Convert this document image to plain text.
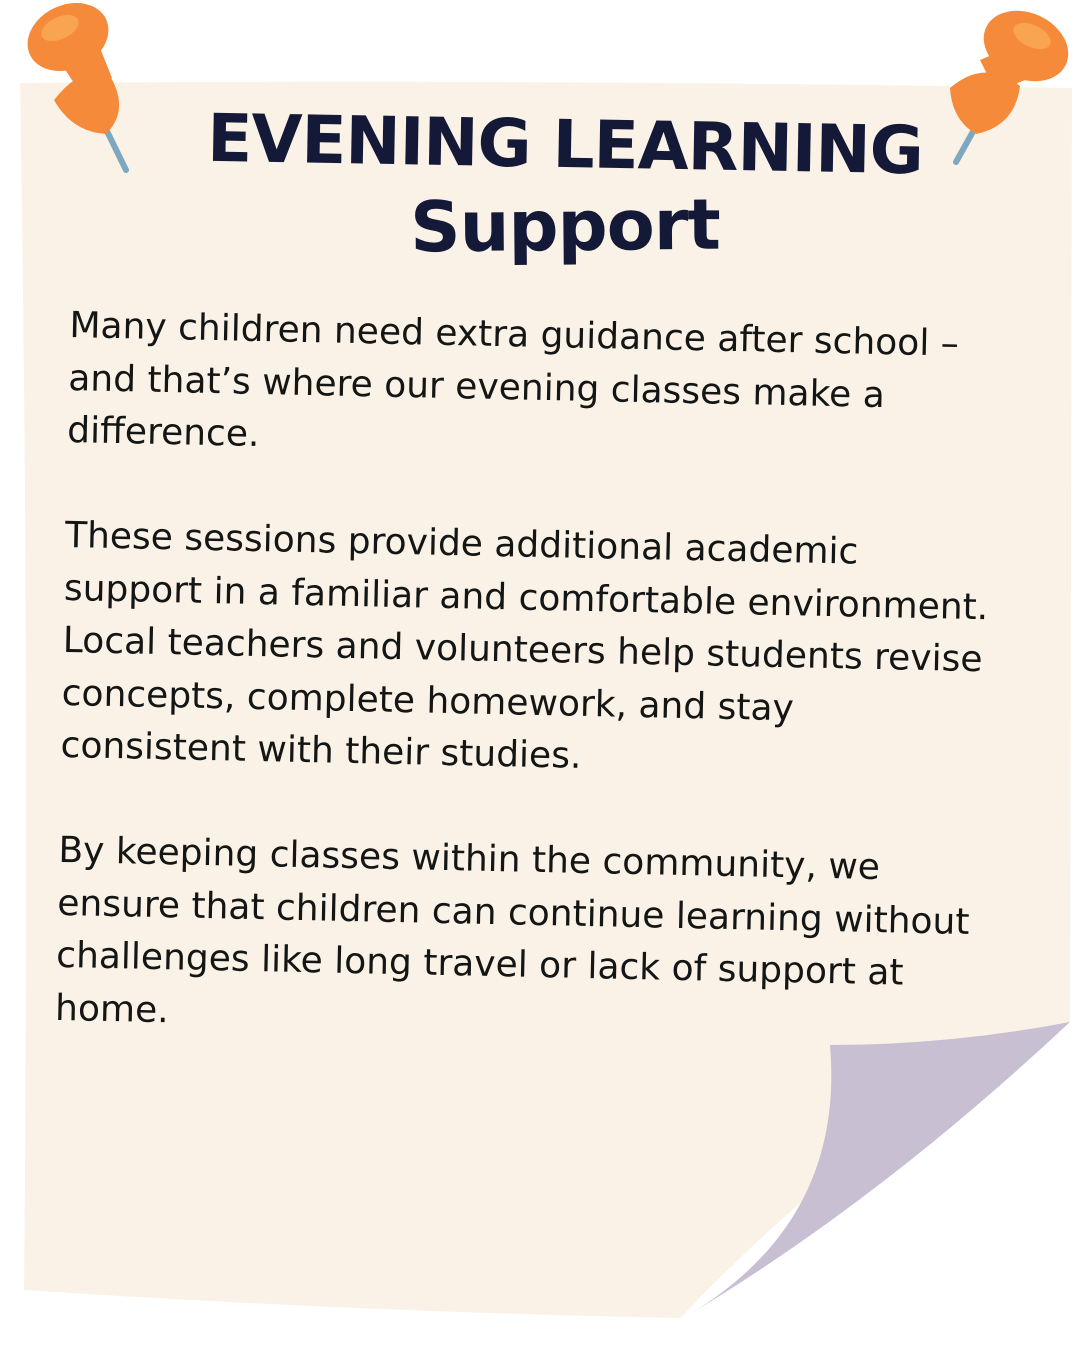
EVENING LEARNING
Support

Many children need extra guidance after school – and that’s where our evening classes make a difference.

These sessions provide additional academic support in a familiar and comfortable environment. Local teachers and volunteers help students revise concepts, complete homework, and stay consistent with their studies.

By keeping classes within the community, we ensure that children can continue learning without challenges like long travel or lack of support at home.
